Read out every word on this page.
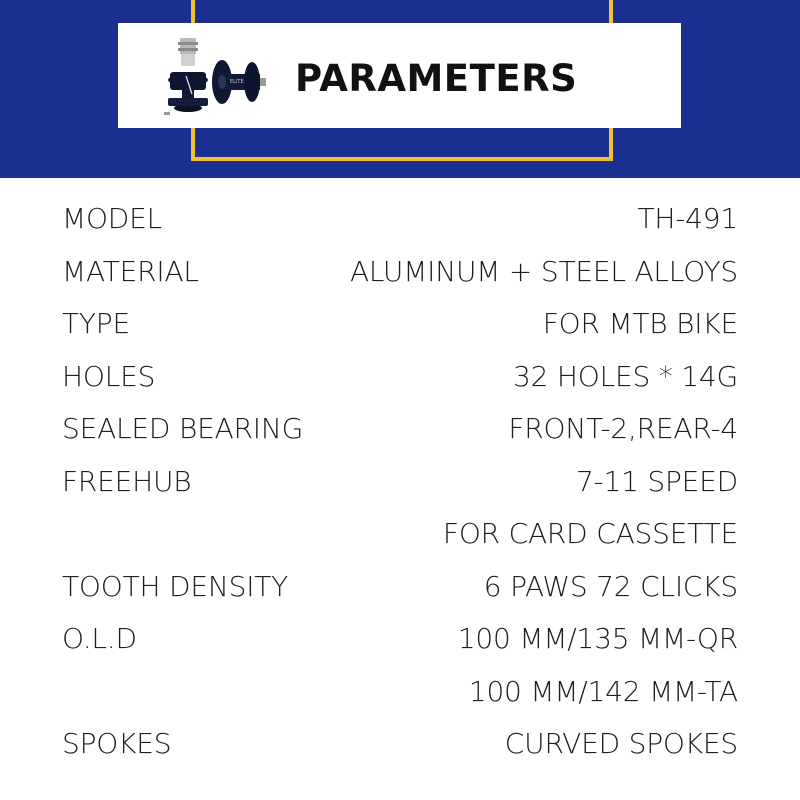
ELITE PARAMETERS
MODEL	TH-491
MATERIAL	ALUMINUM + STEEL ALLOYS
TYPE	FOR MTB BIKE
HOLES	32 HOLES * 14G
SEALED BEARING	FRONT-2,REAR-4
FREEHUB	7-11 SPEED
FOR CARD CASSETTE
TOOTH DENSITY	6 PAWS 72 CLICKS
O.L.D	100 MM/135 MM-QR
100 MM/142 MM-TA
SPOKES	CURVED SPOKES
